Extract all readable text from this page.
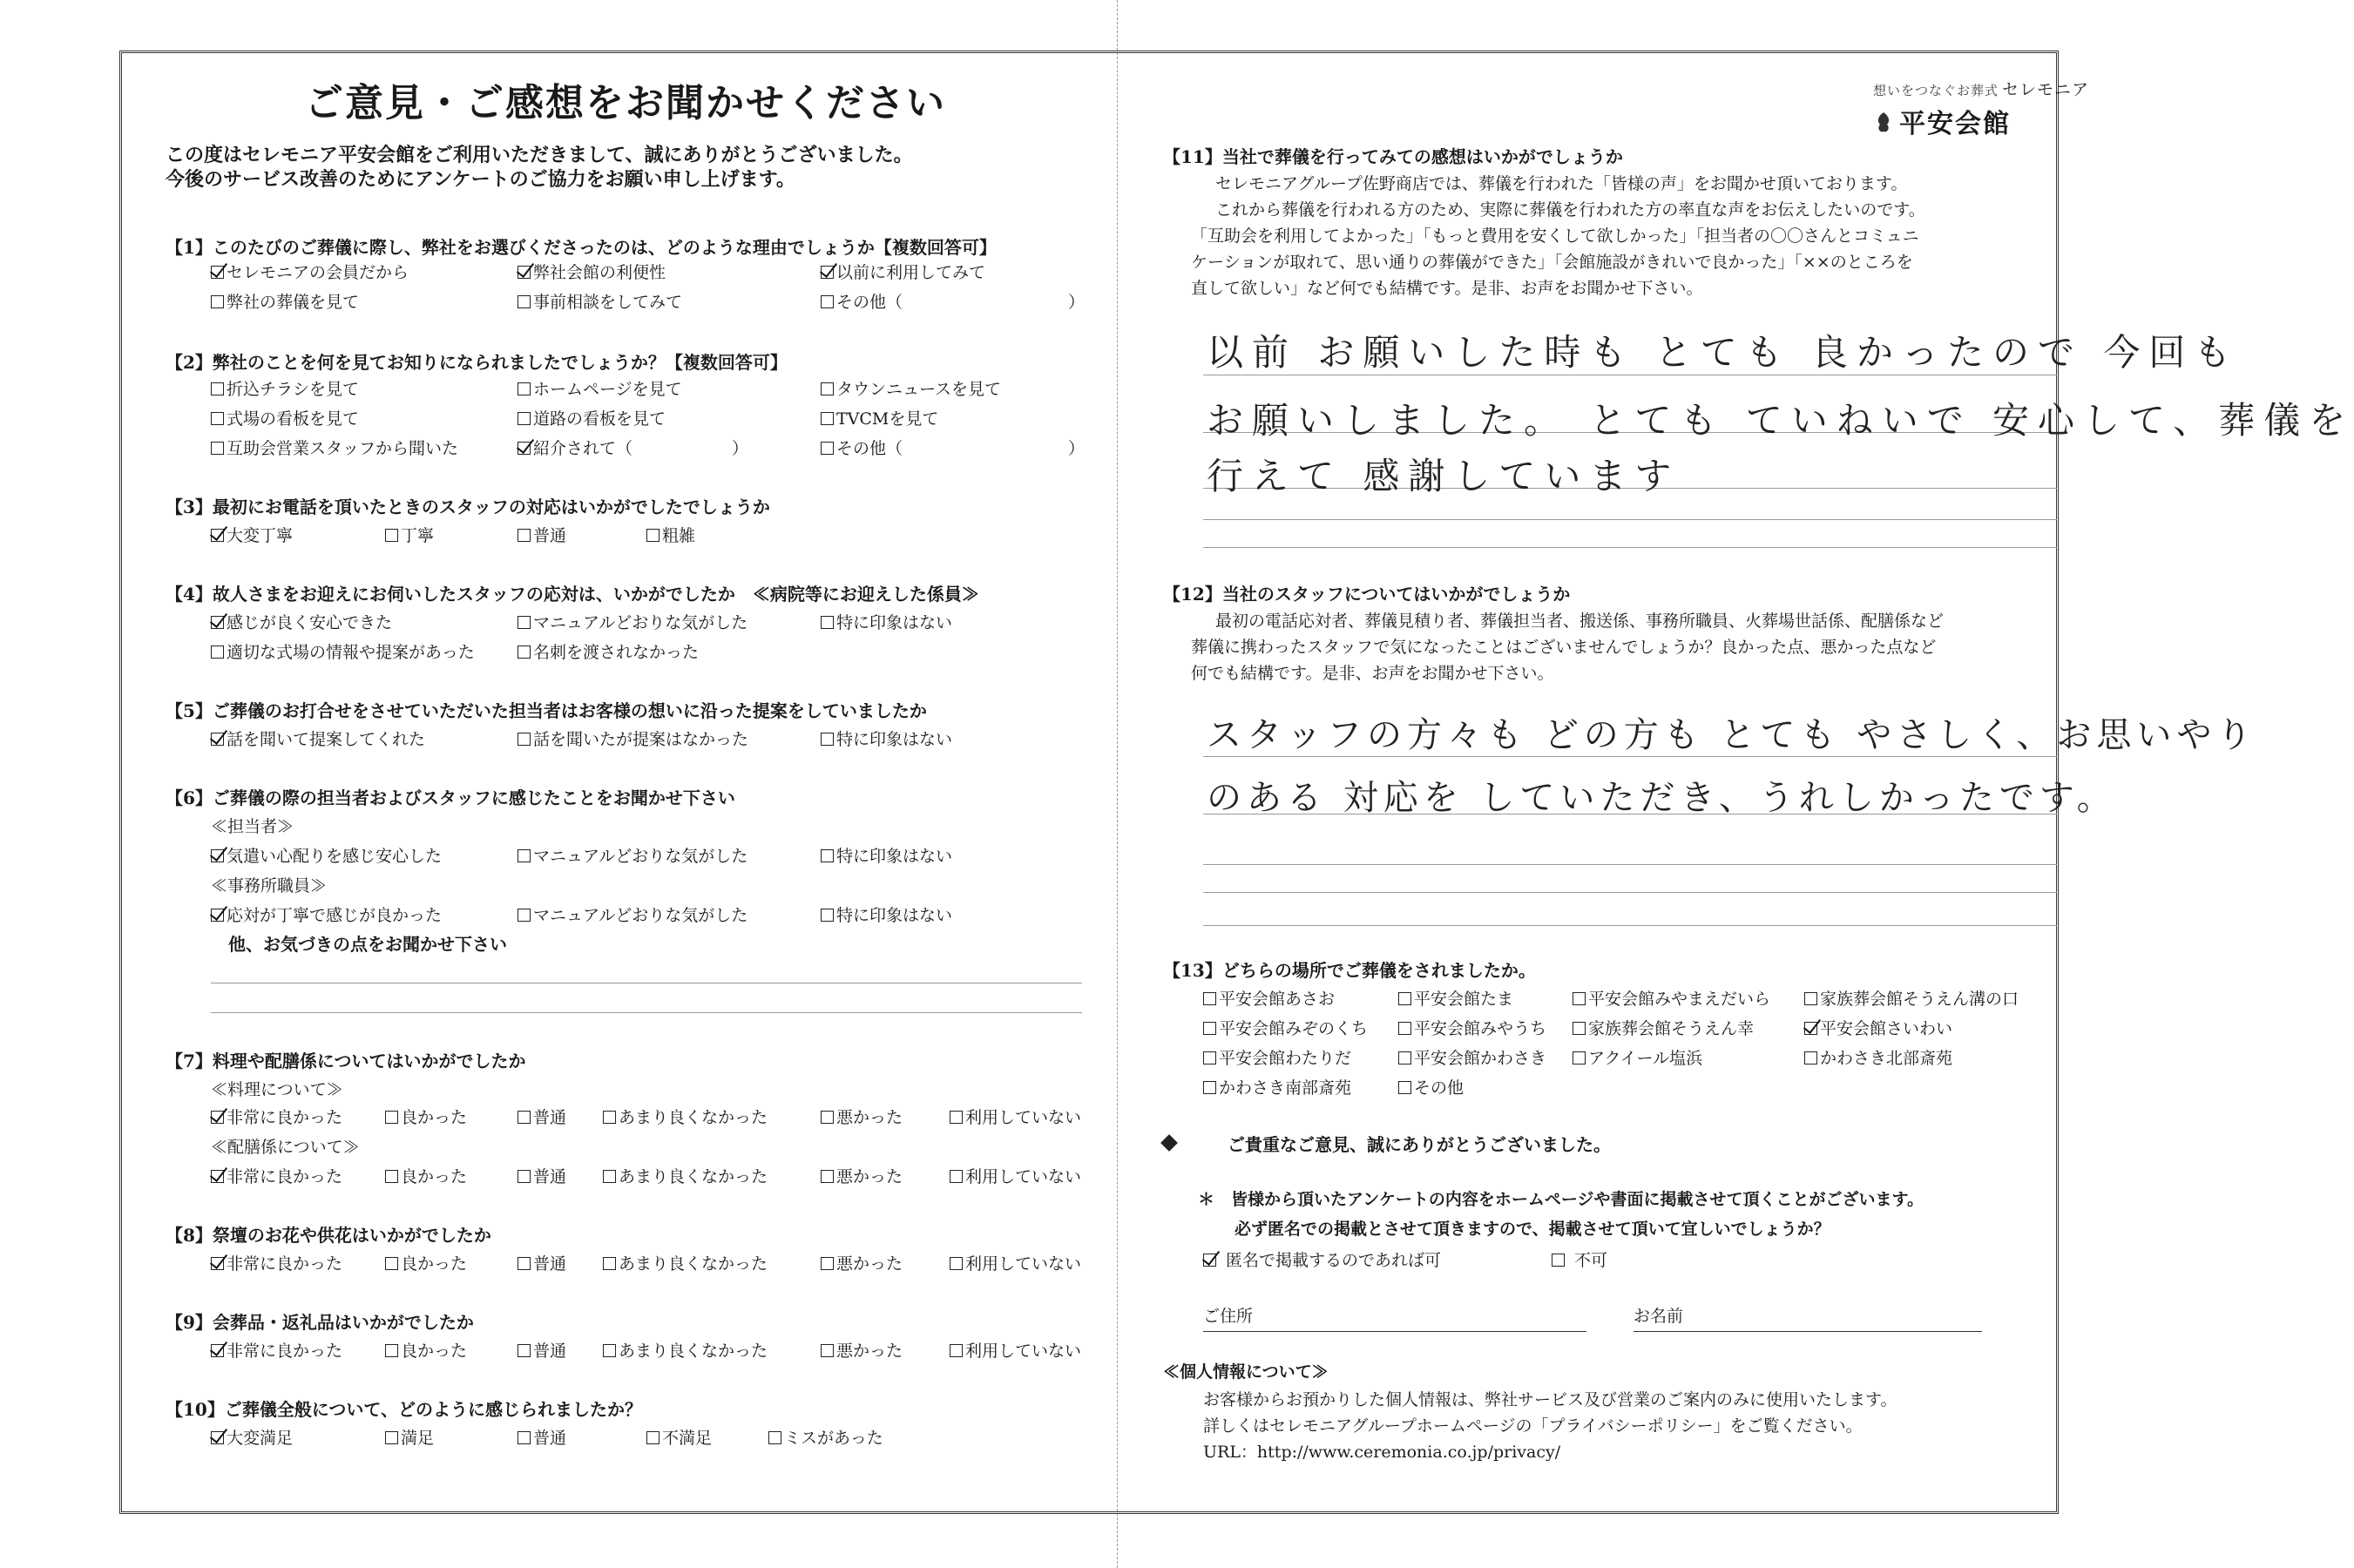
ご意見・ご感想をお聞かせください
この度はセレモニア平安会館をご利用いただきまして、誠にありがとうございました。
今後のサービス改善のためにアンケートのご協力をお願い申し上げます。
【1】このたびのご葬儀に際し、弊社をお選びくださったのは、どのような理由でしょうか【複数回答可】
セレモニアの会員だから	弊社会館の利便性	以前に利用してみて
弊社の葬儀を見て	事前相談をしてみて	その他（　　　　　　　　　　）
【2】弊社のことを何を見てお知りになられましたでしょうか？【複数回答可】
折込チラシを見て	ホームページを見て	タウンニュースを見て
式場の看板を見て	道路の看板を見て	TVCMを見て
互助会営業スタッフから聞いた	紹介されて（　　　　　　）	その他（　　　　　　　　　　）
【3】最初にお電話を頂いたときのスタッフの対応はいかがでしたでしょうか
大変丁寧	丁寧	普通	粗雑
【4】故人さまをお迎えにお伺いしたスタッフの応対は、いかがでしたか　≪病院等にお迎えした係員≫
感じが良く安心できた	マニュアルどおりな気がした	特に印象はない
適切な式場の情報や提案があった	名刺を渡されなかった
【5】ご葬儀のお打合せをさせていただいた担当者はお客様の想いに沿った提案をしていましたか
話を聞いて提案してくれた	話を聞いたが提案はなかった	特に印象はない
【6】ご葬儀の際の担当者およびスタッフに感じたことをお聞かせ下さい
≪担当者≫
気遣い心配りを感じ安心した	マニュアルどおりな気がした	特に印象はない
≪事務所職員≫
応対が丁寧で感じが良かった	マニュアルどおりな気がした	特に印象はない
他、お気づきの点をお聞かせ下さい
【7】料理や配膳係についてはいかがでしたか
≪料理について≫
非常に良かった	良かった	普通	あまり良くなかった	悪かった	利用していない
≪配膳係について≫
非常に良かった	良かった	普通	あまり良くなかった	悪かった	利用していない
【8】祭壇のお花や供花はいかがでしたか
非常に良かった	良かった	普通	あまり良くなかった	悪かった	利用していない
【9】会葬品・返礼品はいかがでしたか
非常に良かった	良かった	普通	あまり良くなかった	悪かった	利用していない
【10】ご葬儀全般について、どのように感じられましたか？
大変満足	満足	普通	不満足	ミスがあった
想いをつなぐお葬式 セレモニア
平安会館
【11】当社で葬儀を行ってみての感想はいかがでしょうか
セレモニアグループ佐野商店では、葬儀を行われた「皆様の声」をお聞かせ頂いております。
これから葬儀を行われる方のため、実際に葬儀を行われた方の率直な声をお伝えしたいのです。
「互助会を利用してよかった」「もっと費用を安くして欲しかった」「担当者の〇〇さんとコミュニ
ケーションが取れて、思い通りの葬儀ができた」「会館施設がきれいで良かった」「××のところを
直して欲しい」など何でも結構です。是非、お声をお聞かせ下さい。
以前 お願いした時も とても 良かったので 今回も
お願いしました。 とても ていねいで 安心して、葬儀を
行えて 感謝しています
【12】当社のスタッフについてはいかがでしょうか
最初の電話応対者、葬儀見積り者、葬儀担当者、搬送係、事務所職員、火葬場世話係、配膳係など
葬儀に携わったスタッフで気になったことはございませんでしょうか？良かった点、悪かった点など
何でも結構です。是非、お声をお聞かせ下さい。
スタッフの方々も どの方も とても やさしく、お思いやり
のある 対応を していただき、うれしかったです。
【13】どちらの場所でご葬儀をされましたか。
平安会館あさお	平安会館たま	平安会館みやまえだいら	家族葬会館そうえん溝の口
平安会館みぞのくち	平安会館みやうち	家族葬会館そうえん幸	平安会館さいわい
平安会館わたりだ	平安会館かわさき	アクイール塩浜	かわさき北部斎苑
かわさき南部斎苑	その他
ご貴重なご意見、誠にありがとうございました。
＊　皆様から頂いたアンケートの内容をホームページや書面に掲載させて頂くことがございます。
必ず匿名での掲載とさせて頂きますので、掲載させて頂いて宜しいでしょうか？
匿名で掲載するのであれば可	不可
ご住所	お名前
≪個人情報について≫
お客様からお預かりした個人情報は、弊社サービス及び営業のご案内のみに使用いたします。
詳しくはセレモニアグループホームページの「プライバシーポリシー」をご覧ください。
URL：http://www.ceremonia.co.jp/privacy/
